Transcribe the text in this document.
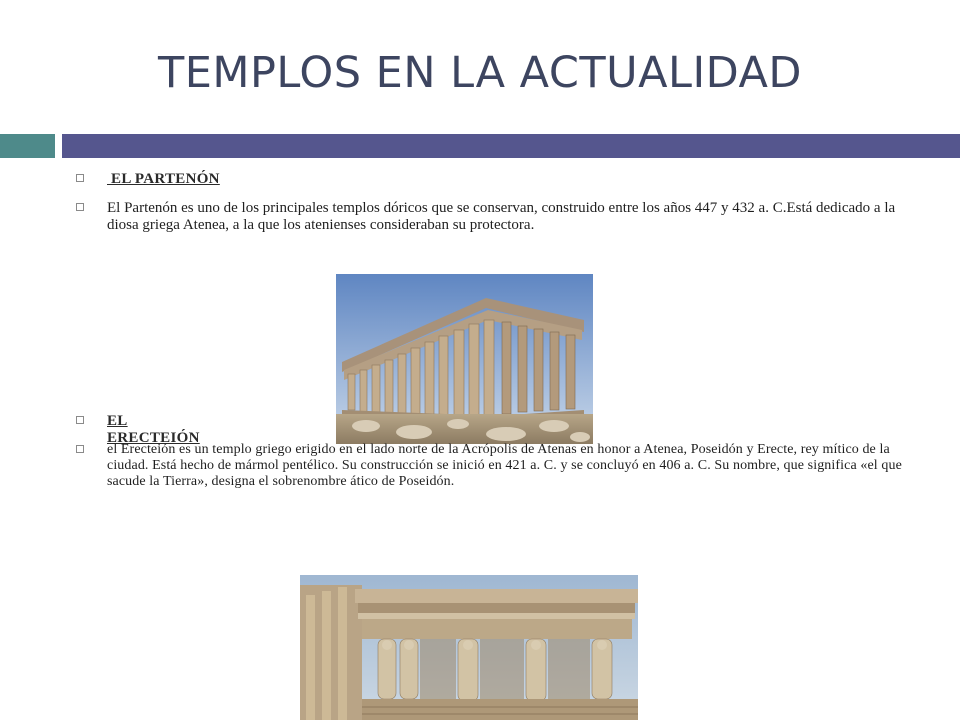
TEMPLOS EN LA ACTUALIDAD
EL PARTENÓN
El Partenón es uno de los principales templos dóricos que se conservan, construido entre los años 447 y 432 a. C.Está dedicado a la diosa griega Atenea, a la que los atenienses consideraban su protectora.
EL ERECTEIÓN
el Erecteión es un templo griego erigido en el lado norte de la Acrópolis de Atenas en honor a Atenea, Poseidón y Erecte, rey mítico de la ciudad. Está hecho de mármol pentélico. Su construcción se inició en 421 a. C. y se concluyó en 406 a. C. Su nombre, que significa «el que sacude la Tierra», designa el sobrenombre ático de Poseidón.
